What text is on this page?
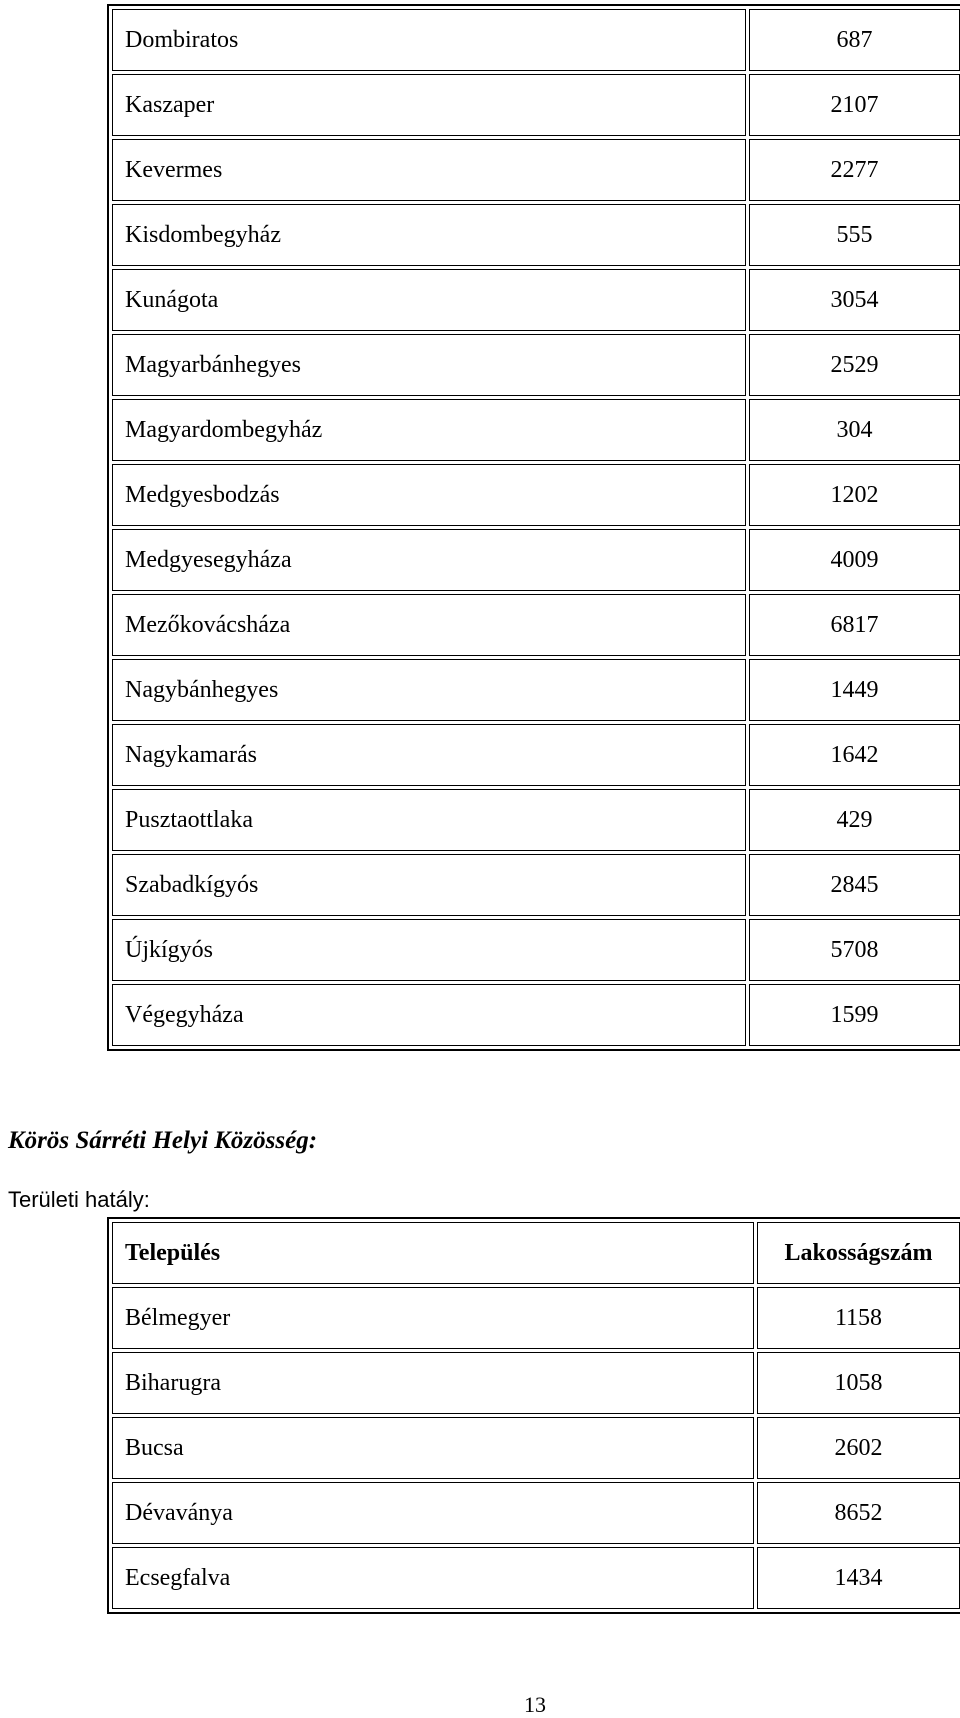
Dombiratos	687
Kaszaper	2107
Kevermes	2277
Kisdombegyház	555
Kunágota	3054
Magyarbánhegyes	2529
Magyardombegyház	304
Medgyesbodzás	1202
Medgyesegyháza	4009
Mezőkovácsháza	6817
Nagybánhegyes	1449
Nagykamarás	1642
Pusztaottlaka	429
Szabadkígyós	2845
Újkígyós	5708
Végegyháza	1599
Körös Sárréti Helyi Közösség:

Területi hatály:

Település	Lakosságszám
Bélmegyer	1158
Biharugra	1058
Bucsa	2602
Dévaványa	8652
Ecsegfalva	1434
13
